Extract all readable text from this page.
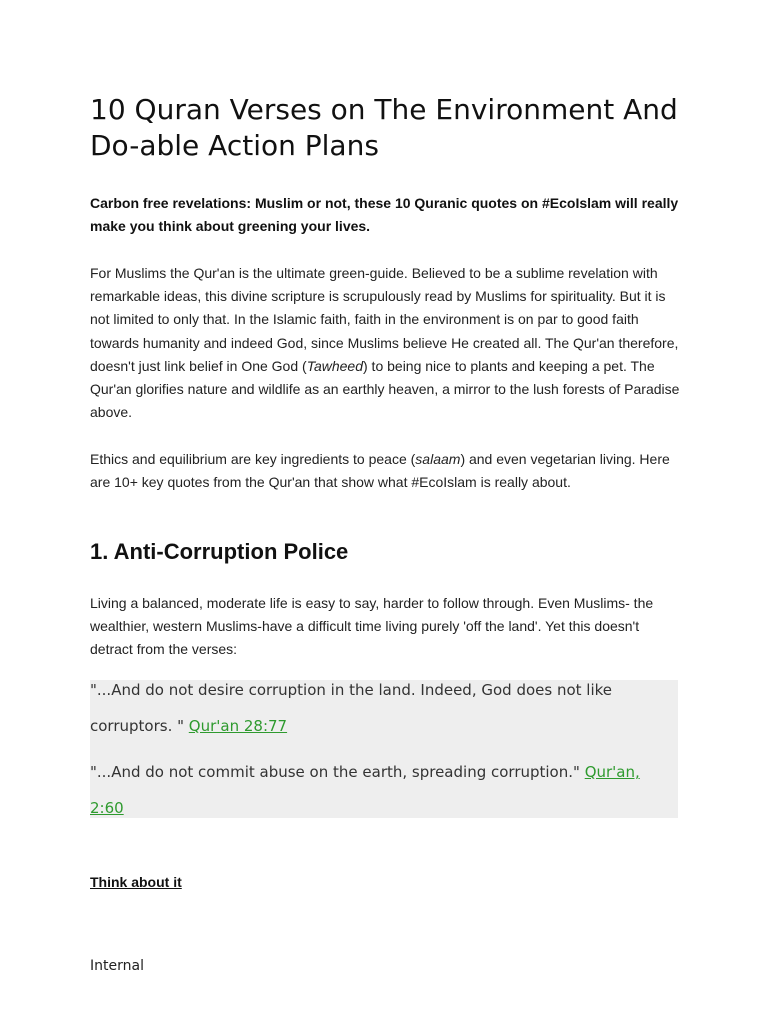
10 Quran Verses on The Environment And Do-able Action Plans

Carbon free revelations: Muslim or not, these 10 Quranic quotes on #EcoIslam will really make you think about greening your lives.

For Muslims the Qur'an is the ultimate green-guide. Believed to be a sublime revelation with remarkable ideas, this divine scripture is scrupulously read by Muslims for spirituality. But it is not limited to only that. In the Islamic faith, faith in the environment is on par to good faith towards humanity and indeed God, since Muslims believe He created all. The Qur'an therefore, doesn't just link belief in One God (Tawheed) to being nice to plants and keeping a pet. The Qur'an glorifies nature and wildlife as an earthly heaven, a mirror to the lush forests of Paradise above.

Ethics and equilibrium are key ingredients to peace (salaam) and even vegetarian living. Here are 10+ key quotes from the Qur'an that show what #EcoIslam is really about.

1. Anti-Corruption Police

Living a balanced, moderate life is easy to say, harder to follow through. Even Muslims- the wealthier, western Muslims-have a difficult time living purely 'off the land'. Yet this doesn't detract from the verses:

"...And do not desire corruption in the land. Indeed, God does not like corruptors. " Qur'an 28:77

"...And do not commit abuse on the earth, spreading corruption." Qur'an, 2:60

Think about it

Internal
